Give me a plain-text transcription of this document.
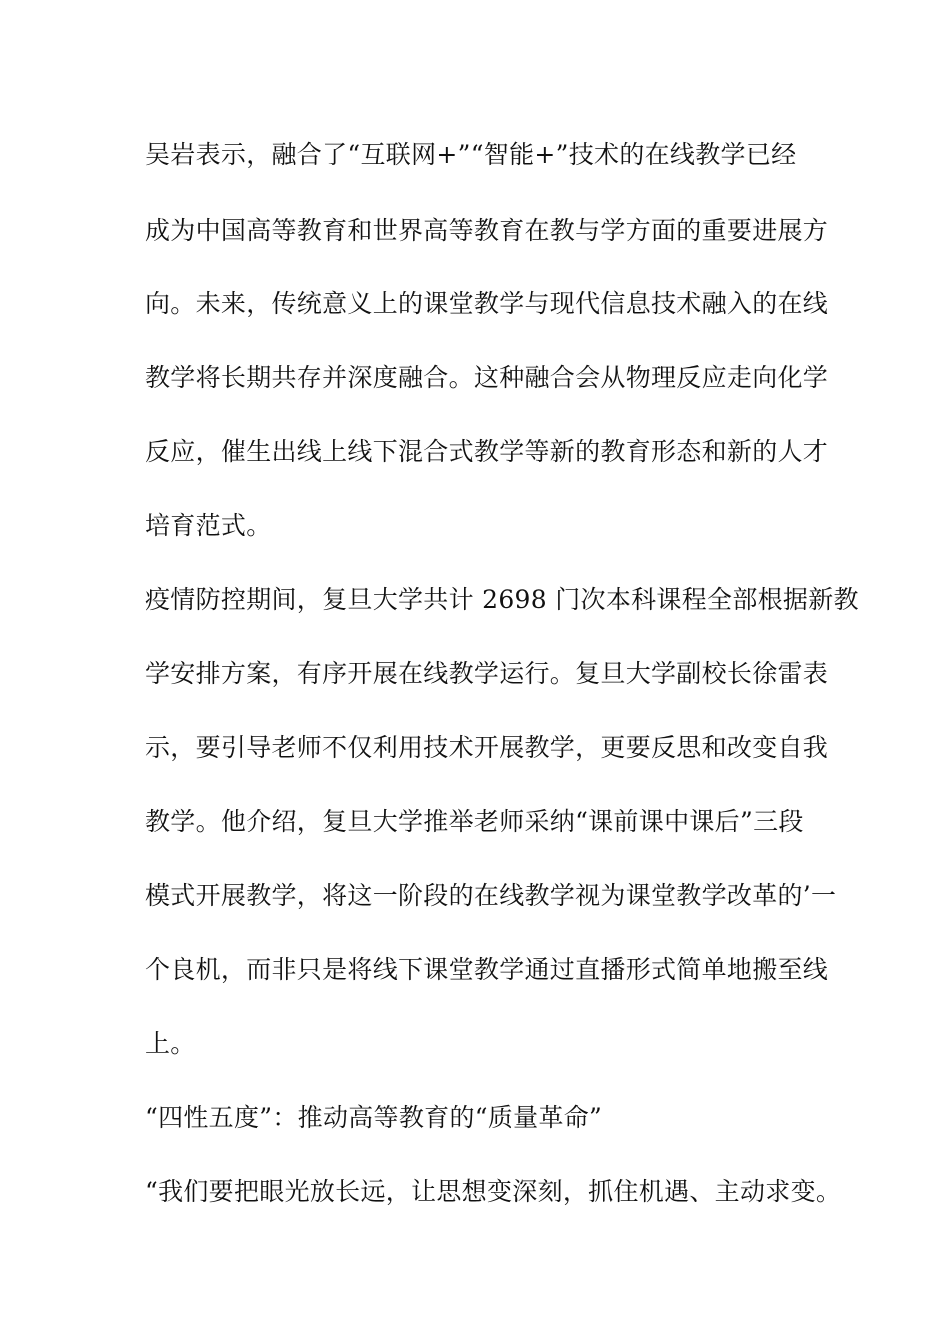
吴岩表示，融合了“互联网+”“智能+”技术的在线教学已经
成为中国高等教育和世界高等教育在教与学方面的重要进展方
向。未来，传统意义上的课堂教学与现代信息技术融入的在线
教学将长期共存并深度融合。这种融合会从物理反应走向化学
反应，催生出线上线下混合式教学等新的教育形态和新的人才
培育范式。
疫情防控期间，复旦大学共计 2698 门次本科课程全部根据新教
学安排方案，有序开展在线教学运行。复旦大学副校长徐雷表
示，要引导老师不仅利用技术开展教学，更要反思和改变自我
教学。他介绍，复旦大学推举老师采纳“课前课中课后”三段
模式开展教学，将这一阶段的在线教学视为课堂教学改革的’一
个良机，而非只是将线下课堂教学通过直播形式简单地搬至线
上。
“四性五度”：推动高等教育的“质量革命”
“我们要把眼光放长远，让思想变深刻，抓住机遇、主动求变。
